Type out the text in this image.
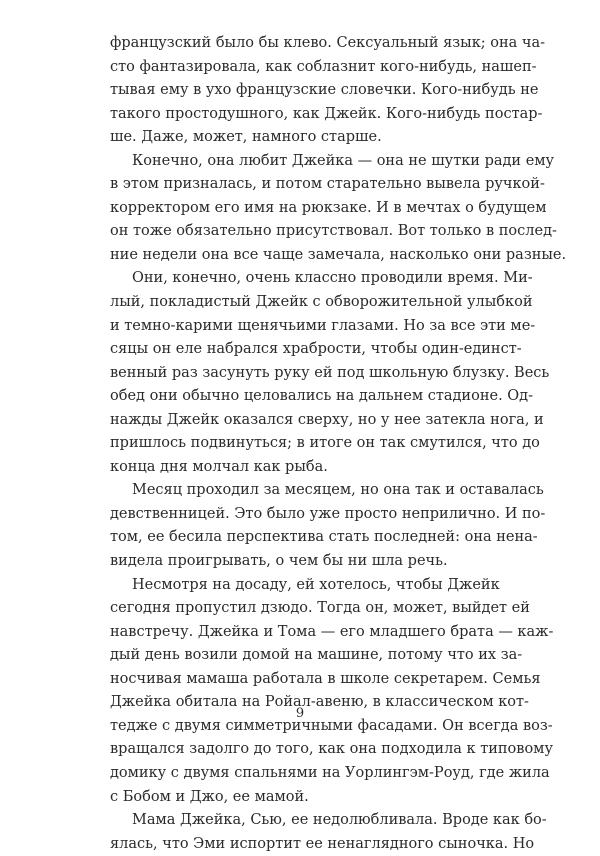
французский было бы клево. Сексуальный язык; она ча-
сто фантазировала, как соблазнит кого-нибудь, нашеп-
тывая ему в ухо французские словечки. Кого-нибудь не
такого простодушного, как Джейк. Кого-нибудь постар-
ше. Даже, может, намного старше.

Конечно, она любит Джейка — она не шутки ради ему
в этом призналась, и потом старательно вывела ручкой-
корректором его имя на рюкзаке. И в мечтах о будущем
он тоже обязательно присутствовал. Вот только в послед-
ние недели она все чаще замечала, насколько они разные.

Они, конечно, очень классно проводили время. Ми-
лый, покладистый Джейк с обворожительной улыбкой
и темно-карими щенячьими глазами. Но за все эти ме-
сяцы он еле набрался храбрости, чтобы один-единст-
венный раз засунуть руку ей под школьную блузку. Весь
обед они обычно целовались на дальнем стадионе. Од-
нажды Джейк оказался сверху, но у нее затекла нога, и
пришлось подвинуться; в итоге он так смутился, что до
конца дня молчал как рыба.

Месяц проходил за месяцем, но она так и оставалась
девственницей. Это было уже просто неприлично. И по-
том, ее бесила перспектива стать последней: она нена-
видела проигрывать, о чем бы ни шла речь.

Несмотря на досаду, ей хотелось, чтобы Джейк
сегодня пропустил дзюдо. Тогда он, может, выйдет ей
навстречу. Джейка и Тома — его младшего брата — каж-
дый день возили домой на машине, потому что их за-
носчивая мамаша работала в школе секретарем. Семья
Джейка обитала на Ройал-авеню, в классическом кот-
тедже с двумя симметричными фасадами. Он всегда воз-
вращался задолго до того, как она подходила к типовому
домику с двумя спальнями на Уорлингэм-Роуд, где жила
с Бобом и Джо, ее мамой.

Мама Джейка, Сью, ее недолюбливала. Вроде как бо-
ялась, что Эми испортит ее ненаглядного сыночка. Но

9
